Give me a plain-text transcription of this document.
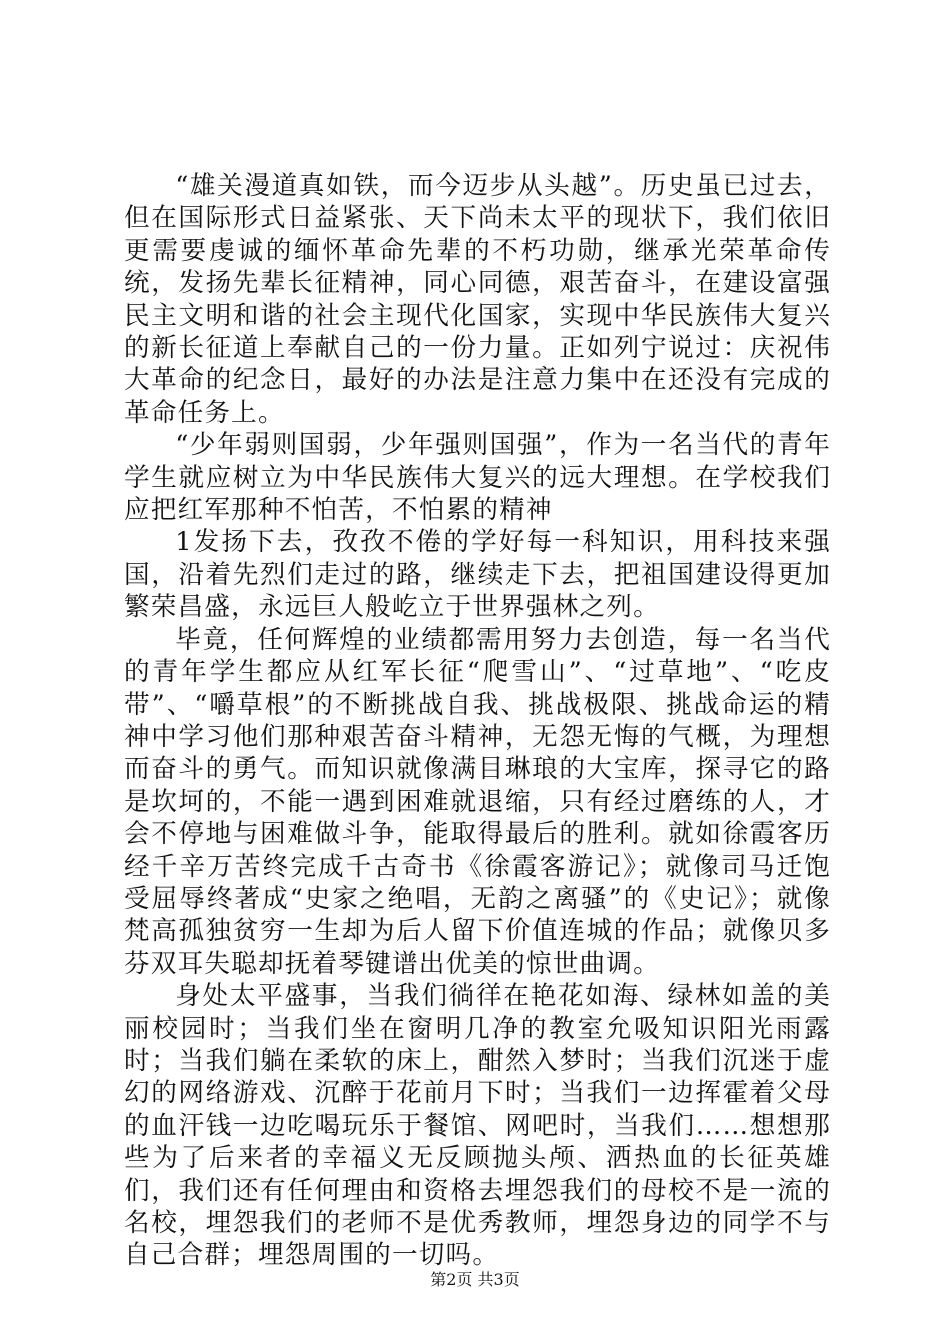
“雄关漫道真如铁，而今迈步从头越”。历史虽已过去，但在国际形式日益紧张、天下尚未太平的现状下，我们依旧更需要虔诚的缅怀革命先辈的不朽功勋，继承光荣革命传统，发扬先辈长征精神，同心同德，艰苦奋斗，在建设富强民主文明和谐的社会主现代化国家，实现中华民族伟大复兴的新长征道上奉献自己的一份力量。正如列宁说过：庆祝伟大革命的纪念日，最好的办法是注意力集中在还没有完成的革命任务上。

“少年弱则国弱，少年强则国强”，作为一名当代的青年学生就应树立为中华民族伟大复兴的远大理想。在学校我们应把红军那种不怕苦，不怕累的精神

1发扬下去，孜孜不倦的学好每一科知识，用科技来强国，沿着先烈们走过的路，继续走下去，把祖国建设得更加繁荣昌盛，永远巨人般屹立于世界强林之列。

毕竟，任何辉煌的业绩都需用努力去创造，每一名当代的青年学生都应从红军长征“爬雪山”、“过草地”、“吃皮带”、“嚼草根”的不断挑战自我、挑战极限、挑战命运的精神中学习他们那种艰苦奋斗精神，无怨无悔的气概，为理想而奋斗的勇气。而知识就像满目琳琅的大宝库，探寻它的路是坎坷的，不能一遇到困难就退缩，只有经过磨练的人，才会不停地与困难做斗争，能取得最后的胜利。就如徐霞客历经千辛万苦终完成千古奇书《徐霞客游记》；就像司马迁饱受屈辱终著成“史家之绝唱，无韵之离骚”的《史记》；就像梵高孤独贫穷一生却为后人留下价值连城的作品；就像贝多芬双耳失聪却抚着琴键谱出优美的惊世曲调。

身处太平盛事，当我们徜徉在艳花如海、绿林如盖的美丽校园时；当我们坐在窗明几净的教室允吸知识阳光雨露时；当我们躺在柔软的床上，酣然入梦时；当我们沉迷于虚幻的网络游戏、沉醉于花前月下时；当我们一边挥霍着父母的血汗钱一边吃喝玩乐于餐馆、网吧时，当我们……想想那些为了后来者的幸福义无反顾抛头颅、洒热血的长征英雄们，我们还有任何理由和资格去埋怨我们的母校不是一流的名校，埋怨我们的老师不是优秀教师，埋怨身边的同学不与自己合群；埋怨周围的一切吗。

第2页 共3页
